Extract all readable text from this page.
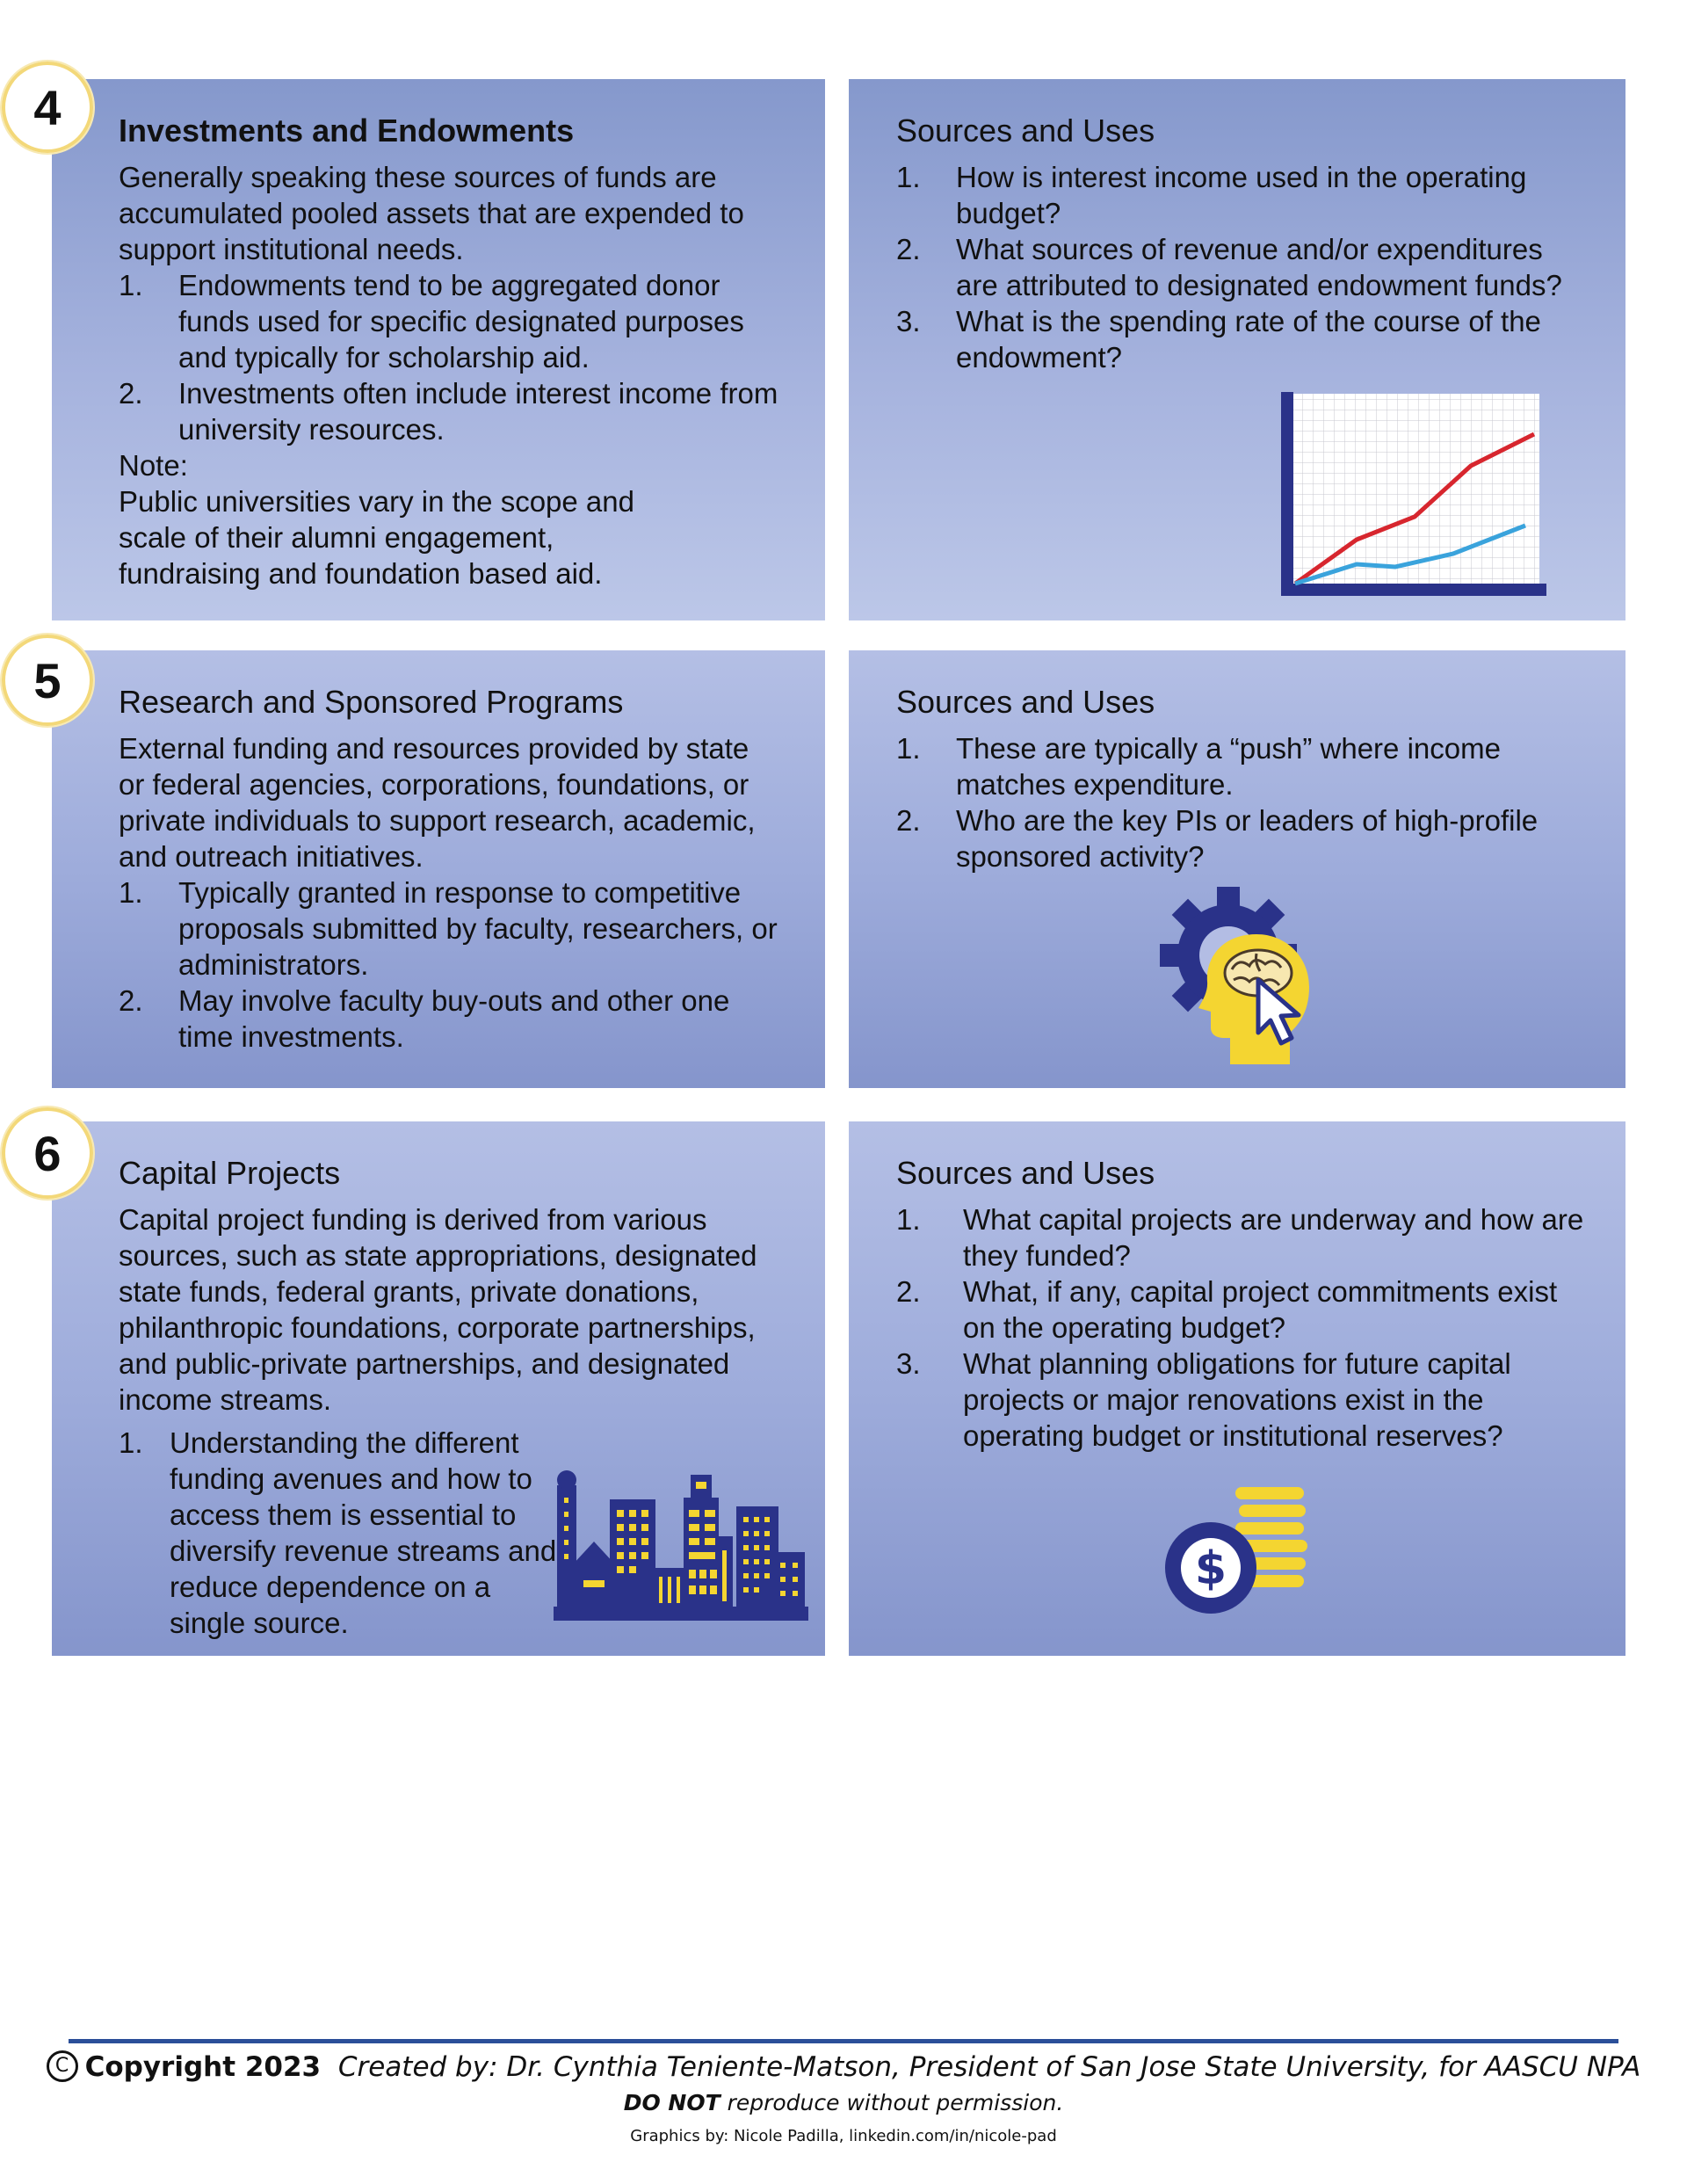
Investments and Endowments

Generally speaking these sources of funds are accumulated pooled assets that are expended to support institutional needs.

1. Endowments tend to be aggregated donor funds used for specific designated purposes and typically for scholarship aid.
2. Investments often include interest income from university resources.

Note:

Public universities vary in the scope and scale of their alumni engagement, fundraising and foundation based aid.

Sources and Uses
1. How is interest income used in the operating budget?
2. What sources of revenue and/or expenditures are attributed to designated endowment funds?
3. What is the spending rate of the course of the endowment?
4
Research and Sponsored Programs

External funding and resources provided by state or federal agencies, corporations, foundations, or private individuals to support research, academic, and outreach initiatives.

1. Typically granted in response to competitive proposals submitted by faculty, researchers, or administrators.
2. May involve faculty buy-outs and other one time investments.
Sources and Uses
1. These are typically a “push” where income matches expenditure.
2. Who are the key PIs or leaders of high-profile sponsored activity?
5
Capital Projects

Capital project funding is derived from various sources, such as state appropriations, designated state funds, federal grants, private donations, philanthropic foundations, corporate partnerships, and public-private partnerships, and designated income streams.

1. Understanding the different funding avenues and how to access them is essential to diversify revenue streams and reduce dependence on a single source.
Sources and Uses
1. What capital projects are underway and how are they funded?
2. What, if any, capital project commitments exist on the operating budget?
3. What planning obligations for future capital projects or major renovations exist in the operating budget or institutional reserves?
$
6
C Copyright 2023 Created by: Dr. Cynthia Teniente-Matson, President of San Jose State University, for AASCU NPA
DO NOT reproduce without permission.
Graphics by: Nicole Padilla, linkedin.com/in/nicole-pad
